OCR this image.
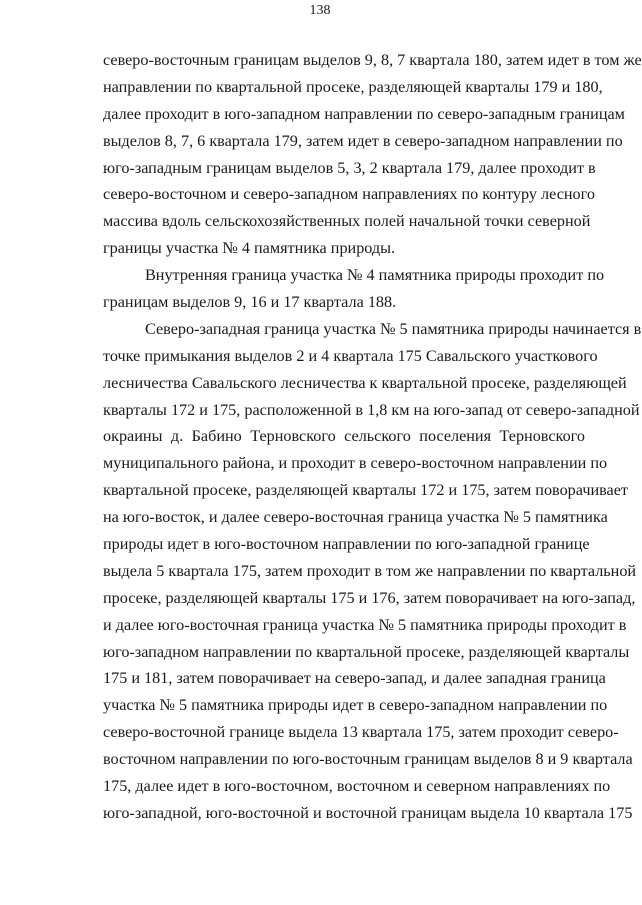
138
северо-восточным границам выделов 9, 8, 7 квартала 180, затем идет в том же
направлении по квартальной просеке, разделяющей кварталы 179 и 180,
далее проходит в юго-западном направлении по северо-западным границам
выделов 8, 7, 6 квартала 179, затем идет в северо-западном направлении по
юго-западным границам выделов 5, 3, 2 квартала 179, далее проходит в
северо-восточном и северо-западном направлениях по контуру лесного
массива вдоль сельскохозяйственных полей начальной точки северной
границы участка № 4 памятника природы.
Внутренняя граница участка № 4 памятника природы проходит по
границам выделов 9, 16 и 17 квартала 188.
Северо-западная граница участка № 5 памятника природы начинается в
точке примыкания выделов 2 и 4 квартала 175 Савальского участкового
лесничества Савальского лесничества к квартальной просеке, разделяющей
кварталы 172 и 175, расположенной в 1,8 км на юго-запад от северо-западной
окраины д. Бабино Терновского сельского поселения Терновского
муниципального района, и проходит в северо-восточном направлении по
квартальной просеке, разделяющей кварталы 172 и 175, затем поворачивает
на юго-восток, и далее северо-восточная граница участка № 5 памятника
природы идет в юго-восточном направлении по юго-западной границе
выдела 5 квартала 175, затем проходит в том же направлении по квартальной
просеке, разделяющей кварталы 175 и 176, затем поворачивает на юго-запад,
и далее юго-восточная граница участка № 5 памятника природы проходит в
юго-западном направлении по квартальной просеке, разделяющей кварталы
175 и 181, затем поворачивает на северо-запад, и далее западная граница
участка № 5 памятника природы идет в северо-западном направлении по
северо-восточной границе выдела 13 квартала 175, затем проходит северо-
восточном направлении по юго-восточным границам выделов 8 и 9 квартала
175, далее идет в юго-восточном, восточном и северном направлениях по
юго-западной, юго-восточной и восточной границам выдела 10 квартала 175
